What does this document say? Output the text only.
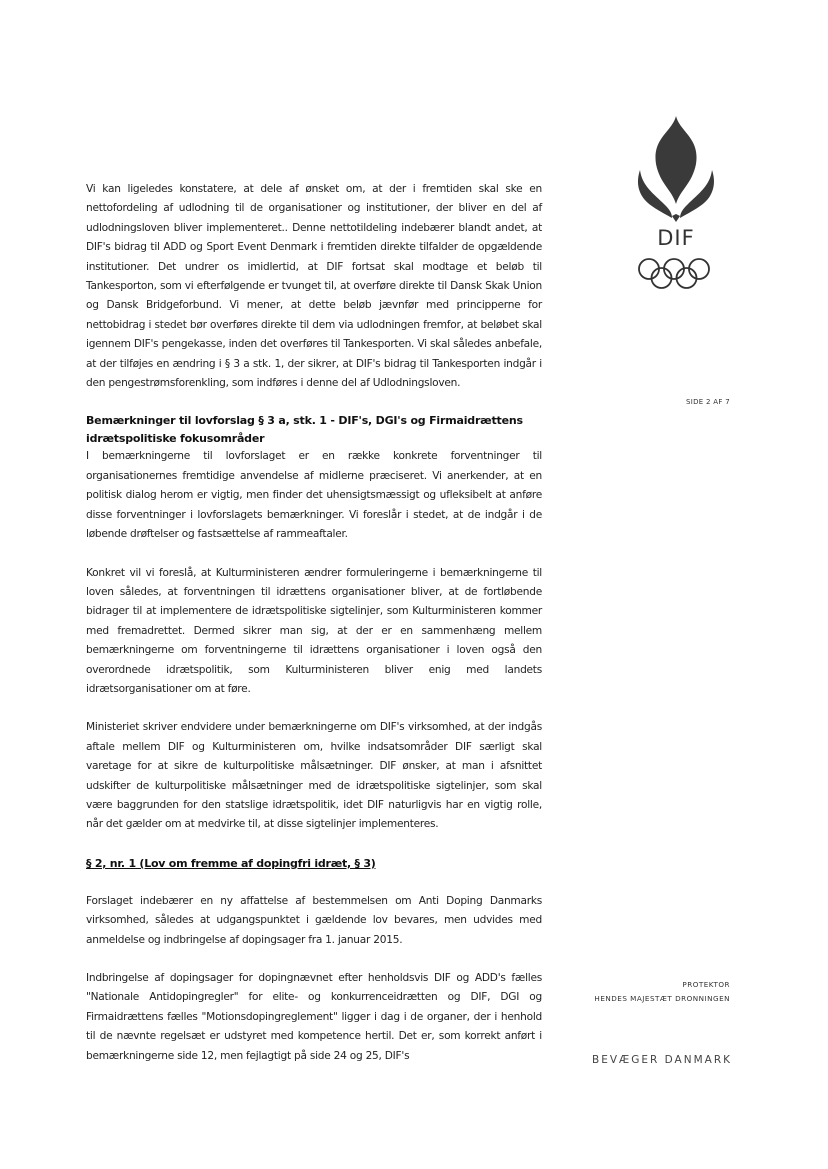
DIF
SIDE 2 AF 7

Vi kan ligeledes konstatere, at dele af ønsket om, at der i fremtiden skal ske en nettofordeling af udlodning til de organisationer og institutioner, der bliver en del af udlodningsloven bliver implementeret.. Denne nettotildeling indebærer blandt andet, at DIF's bidrag til ADD og Sport Event Denmark i fremtiden direkte tilfalder de opgældende institutioner. Det undrer os imidlertid, at DIF fortsat skal modtage et beløb til Tankesporton, som vi efterfølgende er tvunget til, at overføre direkte til Dansk Skak Union og Dansk Bridgeforbund. Vi mener, at dette beløb jævnfør med principperne for nettobidrag i stedet bør overføres direkte til dem via udlodningen fremfor, at beløbet skal igennem DIF's pengekasse, inden det overføres til Tankesporten. Vi skal således anbefale, at der tilføjes en ændring i § 3 a stk. 1, der sikrer, at DIF's bidrag til Tankesporten indgår i den pengestrømsforenkling, som indføres i denne del af Udlodningsloven.

Bemærkninger til lovforslag § 3 a, stk. 1 - DIF's, DGI's og Firmaidrættens idrætspolitiske fokusområder

I bemærkningerne til lovforslaget er en række konkrete forventninger til organisationernes fremtidige anvendelse af midlerne præciseret. Vi anerkender, at en politisk dialog herom er vigtig, men finder det uhensigtsmæssigt og ufleksibelt at anføre disse forventninger i lovforslagets bemærkninger. Vi foreslår i stedet, at de indgår i de løbende drøftelser og fastsættelse af rammeaftaler.

Konkret vil vi foreslå, at Kulturministeren ændrer formuleringerne i bemærkningerne til loven således, at forventningen til idrættens organisationer bliver, at de fortløbende bidrager til at implementere de idrætspolitiske sigtelinjer, som Kulturministeren kommer med fremadrettet. Dermed sikrer man sig, at der er en sammenhæng mellem bemærkningerne om forventningerne til idrættens organisationer i loven også den overordnede idrætspolitik, som Kulturministeren bliver enig med landets idrætsorganisationer om at føre.

Ministeriet skriver endvidere under bemærkningerne om DIF's virksomhed, at der indgås aftale mellem DIF og Kulturministeren om, hvilke indsatsområder DIF særligt skal varetage for at sikre de kulturpolitiske målsætninger. DIF ønsker, at man i afsnittet udskifter de kulturpolitiske målsætninger med de idrætspolitiske sigtelinjer, som skal være baggrunden for den statslige idrætspolitik, idet DIF naturligvis har en vigtig rolle, når det gælder om at medvirke til, at disse sigtelinjer implementeres.

§ 2, nr. 1 (Lov om fremme af dopingfri idræt, § 3)

Forslaget indebærer en ny affattelse af bestemmelsen om Anti Doping Danmarks virksomhed, således at udgangspunktet i gældende lov bevares, men udvides med anmeldelse og indbringelse af dopingsager fra 1. januar 2015.

Indbringelse af dopingsager for dopingnævnet efter henholdsvis DIF og ADD's fælles "Nationale Antidopingregler" for elite- og konkurrenceidrætten og DIF, DGI og Firmaidrættens fælles "Motionsdopingreglement" ligger i dag i de organer, der i henhold til de nævnte regelsæt er udstyret med kompetence hertil. Det er, som korrekt anført i bemærkningerne side 12, men fejlagtigt på side 24 og 25, DIF's

PROTEKTOR
HENDES MAJESTÆT DRONNINGEN
BEVÆGER DANMARK
